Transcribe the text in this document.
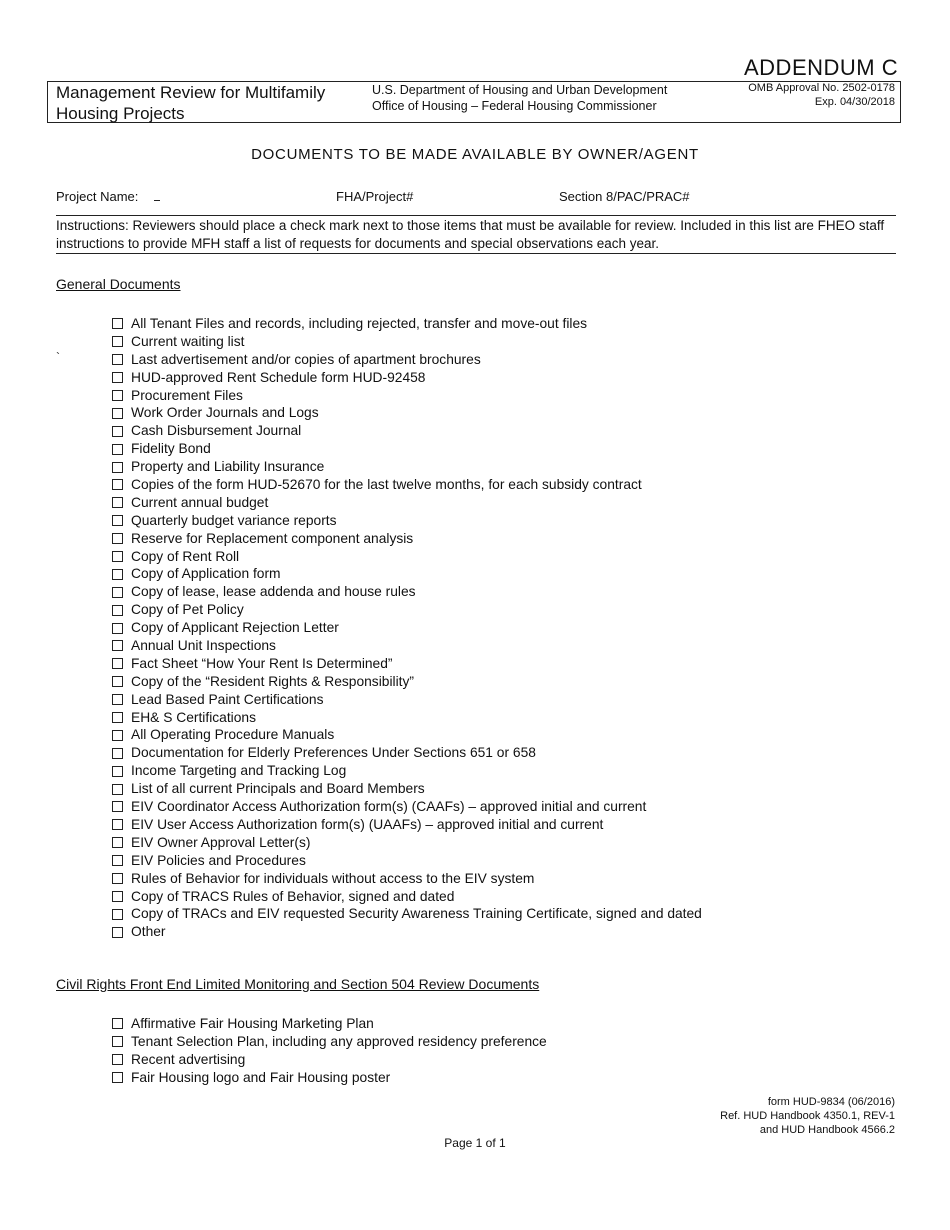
ADDENDUM C
Management Review for Multifamily
Housing Projects
U.S. Department of Housing and Urban Development
Office of Housing – Federal Housing Commissioner
OMB Approval No. 2502-0178
Exp. 04/30/2018
DOCUMENTS TO BE MADE AVAILABLE BY OWNER/AGENT
Project Name:	FHA/Project#	Section 8/PAC/PRAC#
Instructions: Reviewers should place a check mark next to those items that must be available for review. Included in this list are FHEO staff instructions to provide MFH staff a list of requests for documents and special observations each year.
General Documents
`
All Tenant Files and records, including rejected, transfer and move-out files
Current waiting list
Last advertisement and/or copies of apartment brochures
HUD-approved Rent Schedule form HUD-92458
Procurement Files
Work Order Journals and Logs
Cash Disbursement Journal
Fidelity Bond
Property and Liability Insurance
Copies of the form HUD-52670 for the last twelve months, for each subsidy contract
Current annual budget
Quarterly budget variance reports
Reserve for Replacement component analysis
Copy of Rent Roll
Copy of Application form
Copy of lease, lease addenda and house rules
Copy of Pet Policy
Copy of Applicant Rejection Letter
Annual Unit Inspections
Fact Sheet “How Your Rent Is Determined”
Copy of the “Resident Rights & Responsibility”
Lead Based Paint Certifications
EH& S Certifications
All Operating Procedure Manuals
Documentation for Elderly Preferences Under Sections 651 or 658
Income Targeting and Tracking Log
List of all current Principals and Board Members
EIV Coordinator Access Authorization form(s) (CAAFs) – approved initial and current
EIV User Access Authorization form(s) (UAAFs) – approved initial and current
EIV Owner Approval Letter(s)
EIV Policies and Procedures
Rules of Behavior for individuals without access to the EIV system
Copy of TRACS Rules of Behavior, signed and dated
Copy of TRACs and EIV requested Security Awareness Training Certificate, signed and dated
Other
Civil Rights Front End Limited Monitoring and Section 504 Review Documents
Affirmative Fair Housing Marketing Plan
Tenant Selection Plan, including any approved residency preference
Recent advertising
Fair Housing logo and Fair Housing poster
form HUD-9834 (06/2016)
Ref. HUD Handbook 4350.1, REV-1
and HUD Handbook 4566.2
Page 1 of 1
